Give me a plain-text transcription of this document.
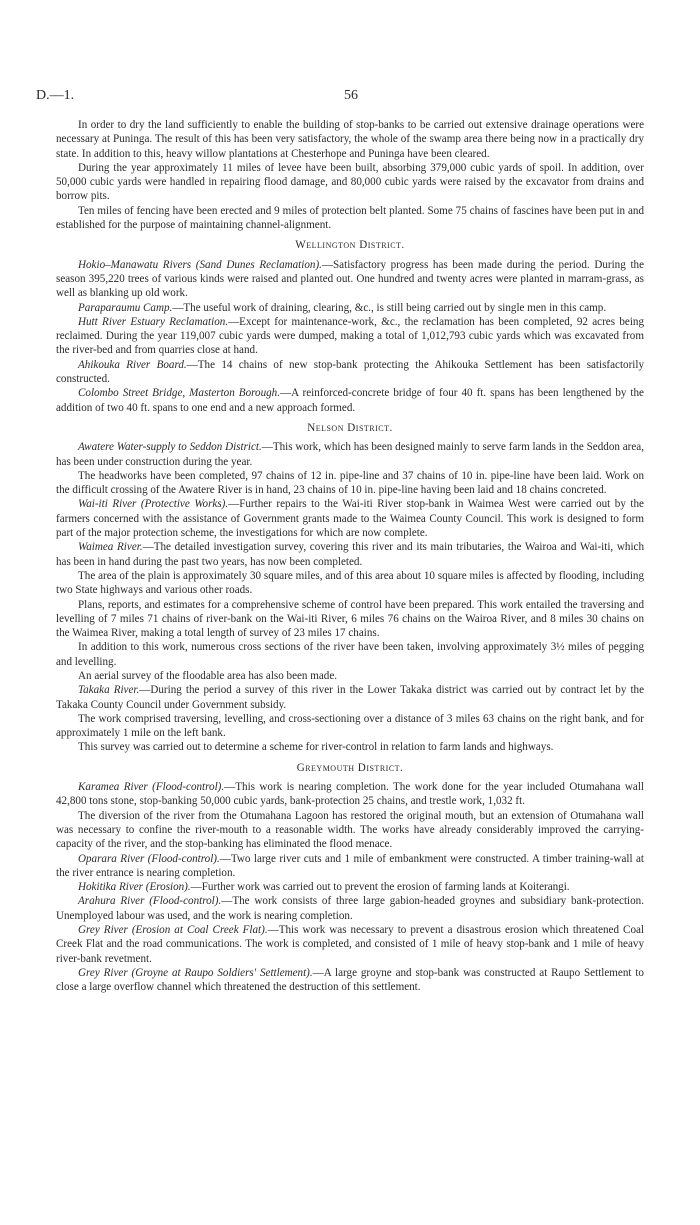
D.—1.	56

In order to dry the land sufficiently to enable the building of stop-banks to be carried out extensive drainage operations were necessary at Puninga. The result of this has been very satisfactory, the whole of the swamp area there being now in a practically dry state. In addition to this, heavy willow plantations at Chesterhope and Puninga have been cleared.

During the year approximately 11 miles of levee have been built, absorbing 379,000 cubic yards of spoil. In addition, over 50,000 cubic yards were handled in repairing flood damage, and 80,000 cubic yards were raised by the excavator from drains and borrow pits.

Ten miles of fencing have been erected and 9 miles of protection belt planted. Some 75 chains of fascines have been put in and established for the purpose of maintaining channel-alignment.

Wellington District.

Hokio–Manawatu Rivers (Sand Dunes Reclamation).—Satisfactory progress has been made during the period. During the season 395,220 trees of various kinds were raised and planted out. One hundred and twenty acres were planted in marram-grass, as well as blanking up old work.

Paraparaumu Camp.—The useful work of draining, clearing, &c., is still being carried out by single men in this camp.

Hutt River Estuary Reclamation.—Except for maintenance-work, &c., the reclamation has been completed, 92 acres being reclaimed. During the year 119,007 cubic yards were dumped, making a total of 1,012,793 cubic yards which was excavated from the river-bed and from quarries close at hand.

Ahikouka River Board.—The 14 chains of new stop-bank protecting the Ahikouka Settlement has been satisfactorily constructed.

Colombo Street Bridge, Masterton Borough.—A reinforced-concrete bridge of four 40 ft. spans has been lengthened by the addition of two 40 ft. spans to one end and a new approach formed.

Nelson District.

Awatere Water-supply to Seddon District.—This work, which has been designed mainly to serve farm lands in the Seddon area, has been under construction during the year.

The headworks have been completed, 97 chains of 12 in. pipe-line and 37 chains of 10 in. pipe-line have been laid. Work on the difficult crossing of the Awatere River is in hand, 23 chains of 10 in. pipe-line having been laid and 18 chains concreted.

Wai-iti River (Protective Works).—Further repairs to the Wai-iti River stop-bank in Waimea West were carried out by the farmers concerned with the assistance of Government grants made to the Waimea County Council. This work is designed to form part of the major protection scheme, the investigations for which are now complete.

Waimea River.—The detailed investigation survey, covering this river and its main tributaries, the Wairoa and Wai-iti, which has been in hand during the past two years, has now been completed.

The area of the plain is approximately 30 square miles, and of this area about 10 square miles is affected by flooding, including two State highways and various other roads.

Plans, reports, and estimates for a comprehensive scheme of control have been prepared. This work entailed the traversing and levelling of 7 miles 71 chains of river-bank on the Wai-iti River, 6 miles 76 chains on the Wairoa River, and 8 miles 30 chains on the Waimea River, making a total length of survey of 23 miles 17 chains.

In addition to this work, numerous cross sections of the river have been taken, involving approximately 3½ miles of pegging and levelling.

An aerial survey of the floodable area has also been made.

Takaka River.—During the period a survey of this river in the Lower Takaka district was carried out by contract let by the Takaka County Council under Government subsidy.

The work comprised traversing, levelling, and cross-sectioning over a distance of 3 miles 63 chains on the right bank, and for approximately 1 mile on the left bank.

This survey was carried out to determine a scheme for river-control in relation to farm lands and highways.

Greymouth District.

Karamea River (Flood-control).—This work is nearing completion. The work done for the year included Otumahana wall 42,800 tons stone, stop-banking 50,000 cubic yards, bank-protection 25 chains, and trestle work, 1,032 ft.

The diversion of the river from the Otumahana Lagoon has restored the original mouth, but an extension of Otumahana wall was necessary to confine the river-mouth to a reasonable width. The works have already considerably improved the carrying-capacity of the river, and the stop-banking has eliminated the flood menace.

Oparara River (Flood-control).—Two large river cuts and 1 mile of embankment were constructed. A timber training-wall at the river entrance is nearing completion.

Hokitika River (Erosion).—Further work was carried out to prevent the erosion of farming lands at Koiterangi.

Arahura River (Flood-control).—The work consists of three large gabion-headed groynes and subsidiary bank-protection. Unemployed labour was used, and the work is nearing completion.

Grey River (Erosion at Coal Creek Flat).—This work was necessary to prevent a disastrous erosion which threatened Coal Creek Flat and the road communications. The work is completed, and consisted of 1 mile of heavy stop-bank and 1 mile of heavy river-bank revetment.

Grey River (Groyne at Raupo Soldiers' Settlement).—A large groyne and stop-bank was constructed at Raupo Settlement to close a large overflow channel which threatened the destruction of this settlement.
